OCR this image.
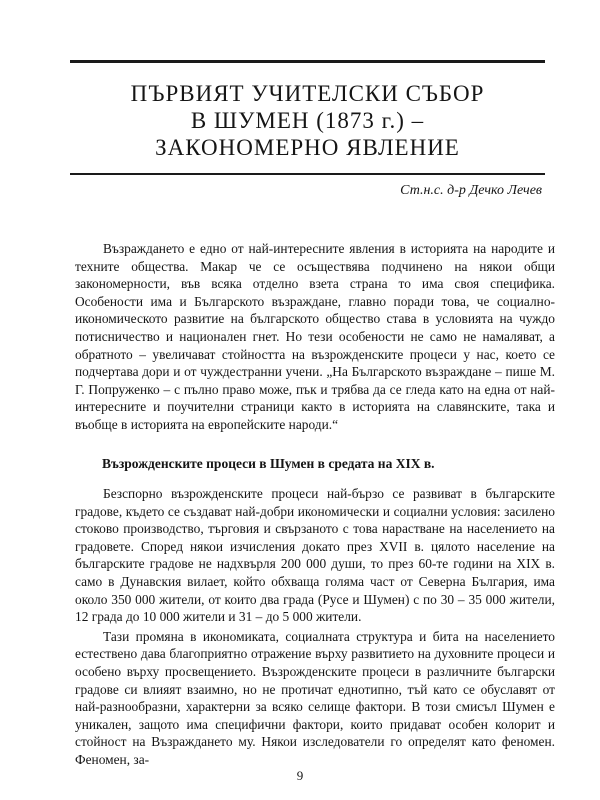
ПЪРВИЯТ УЧИТЕЛСКИ СЪБОР
В ШУМЕН (1873 г.) –
ЗАКОНОМЕРНО ЯВЛЕНИЕ
Ст.н.с. д-р Дечко Лечев

Възраждането е едно от най-интересните явления в историята на народите и техните общества. Макар че се осъществява подчинено на някои общи закономерности, във всяка отделно взета страна то има своя специфика. Особености има и Българското възраждане, главно поради това, че социално-икономическото развитие на българското общество става в условията на чуждо потисничество и национален гнет. Но тези особености не само не намаляват, а обратното – увеличават стойността на възрожденските процеси у нас, което се подчертава дори и от чуждестранни учени. „На Българското възраждане – пише М. Г. Попруженко – с пълно право може, пък и трябва да се гледа като на една от най-интересните и поучителни страници както в историята на славянските, така и въобще в историята на европейските народи.“

Възрожденските процеси в Шумен в средата на XIX в.

Безспорно възрожденските процеси най-бързо се развиват в българските градове, където се създават най-добри икономически и социални условия: засилено стоково производство, търговия и свързаното с това нарастване на населението на градовете. Според някои изчисления докато през XVII в. цялото население на българските градове не надхвърля 200 000 души, то през 60-те години на XIX в. само в Дунавския вилает, който обхваща голяма част от Северна България, има около 350 000 жители, от които два града (Русе и Шумен) с по 30 – 35 000 жители, 12 града до 10 000 жители и 31 – до 5 000 жители.

Тази промяна в икономиката, социалната структура и бита на населението естествено дава благоприятно отражение върху развитието на духовните процеси и особено върху просвещението. Възрожденските процеси в различните български градове си влияят взаимно, но не протичат еднотипно, тъй като се обуславят от най-разнообразни, характерни за всяко селище фактори. В този смисъл Шумен е уникален, защото има специфични фактори, които придават особен колорит и стойност на Възраждането му. Някои изследователи го определят като феномен. Феномен, за-

9
